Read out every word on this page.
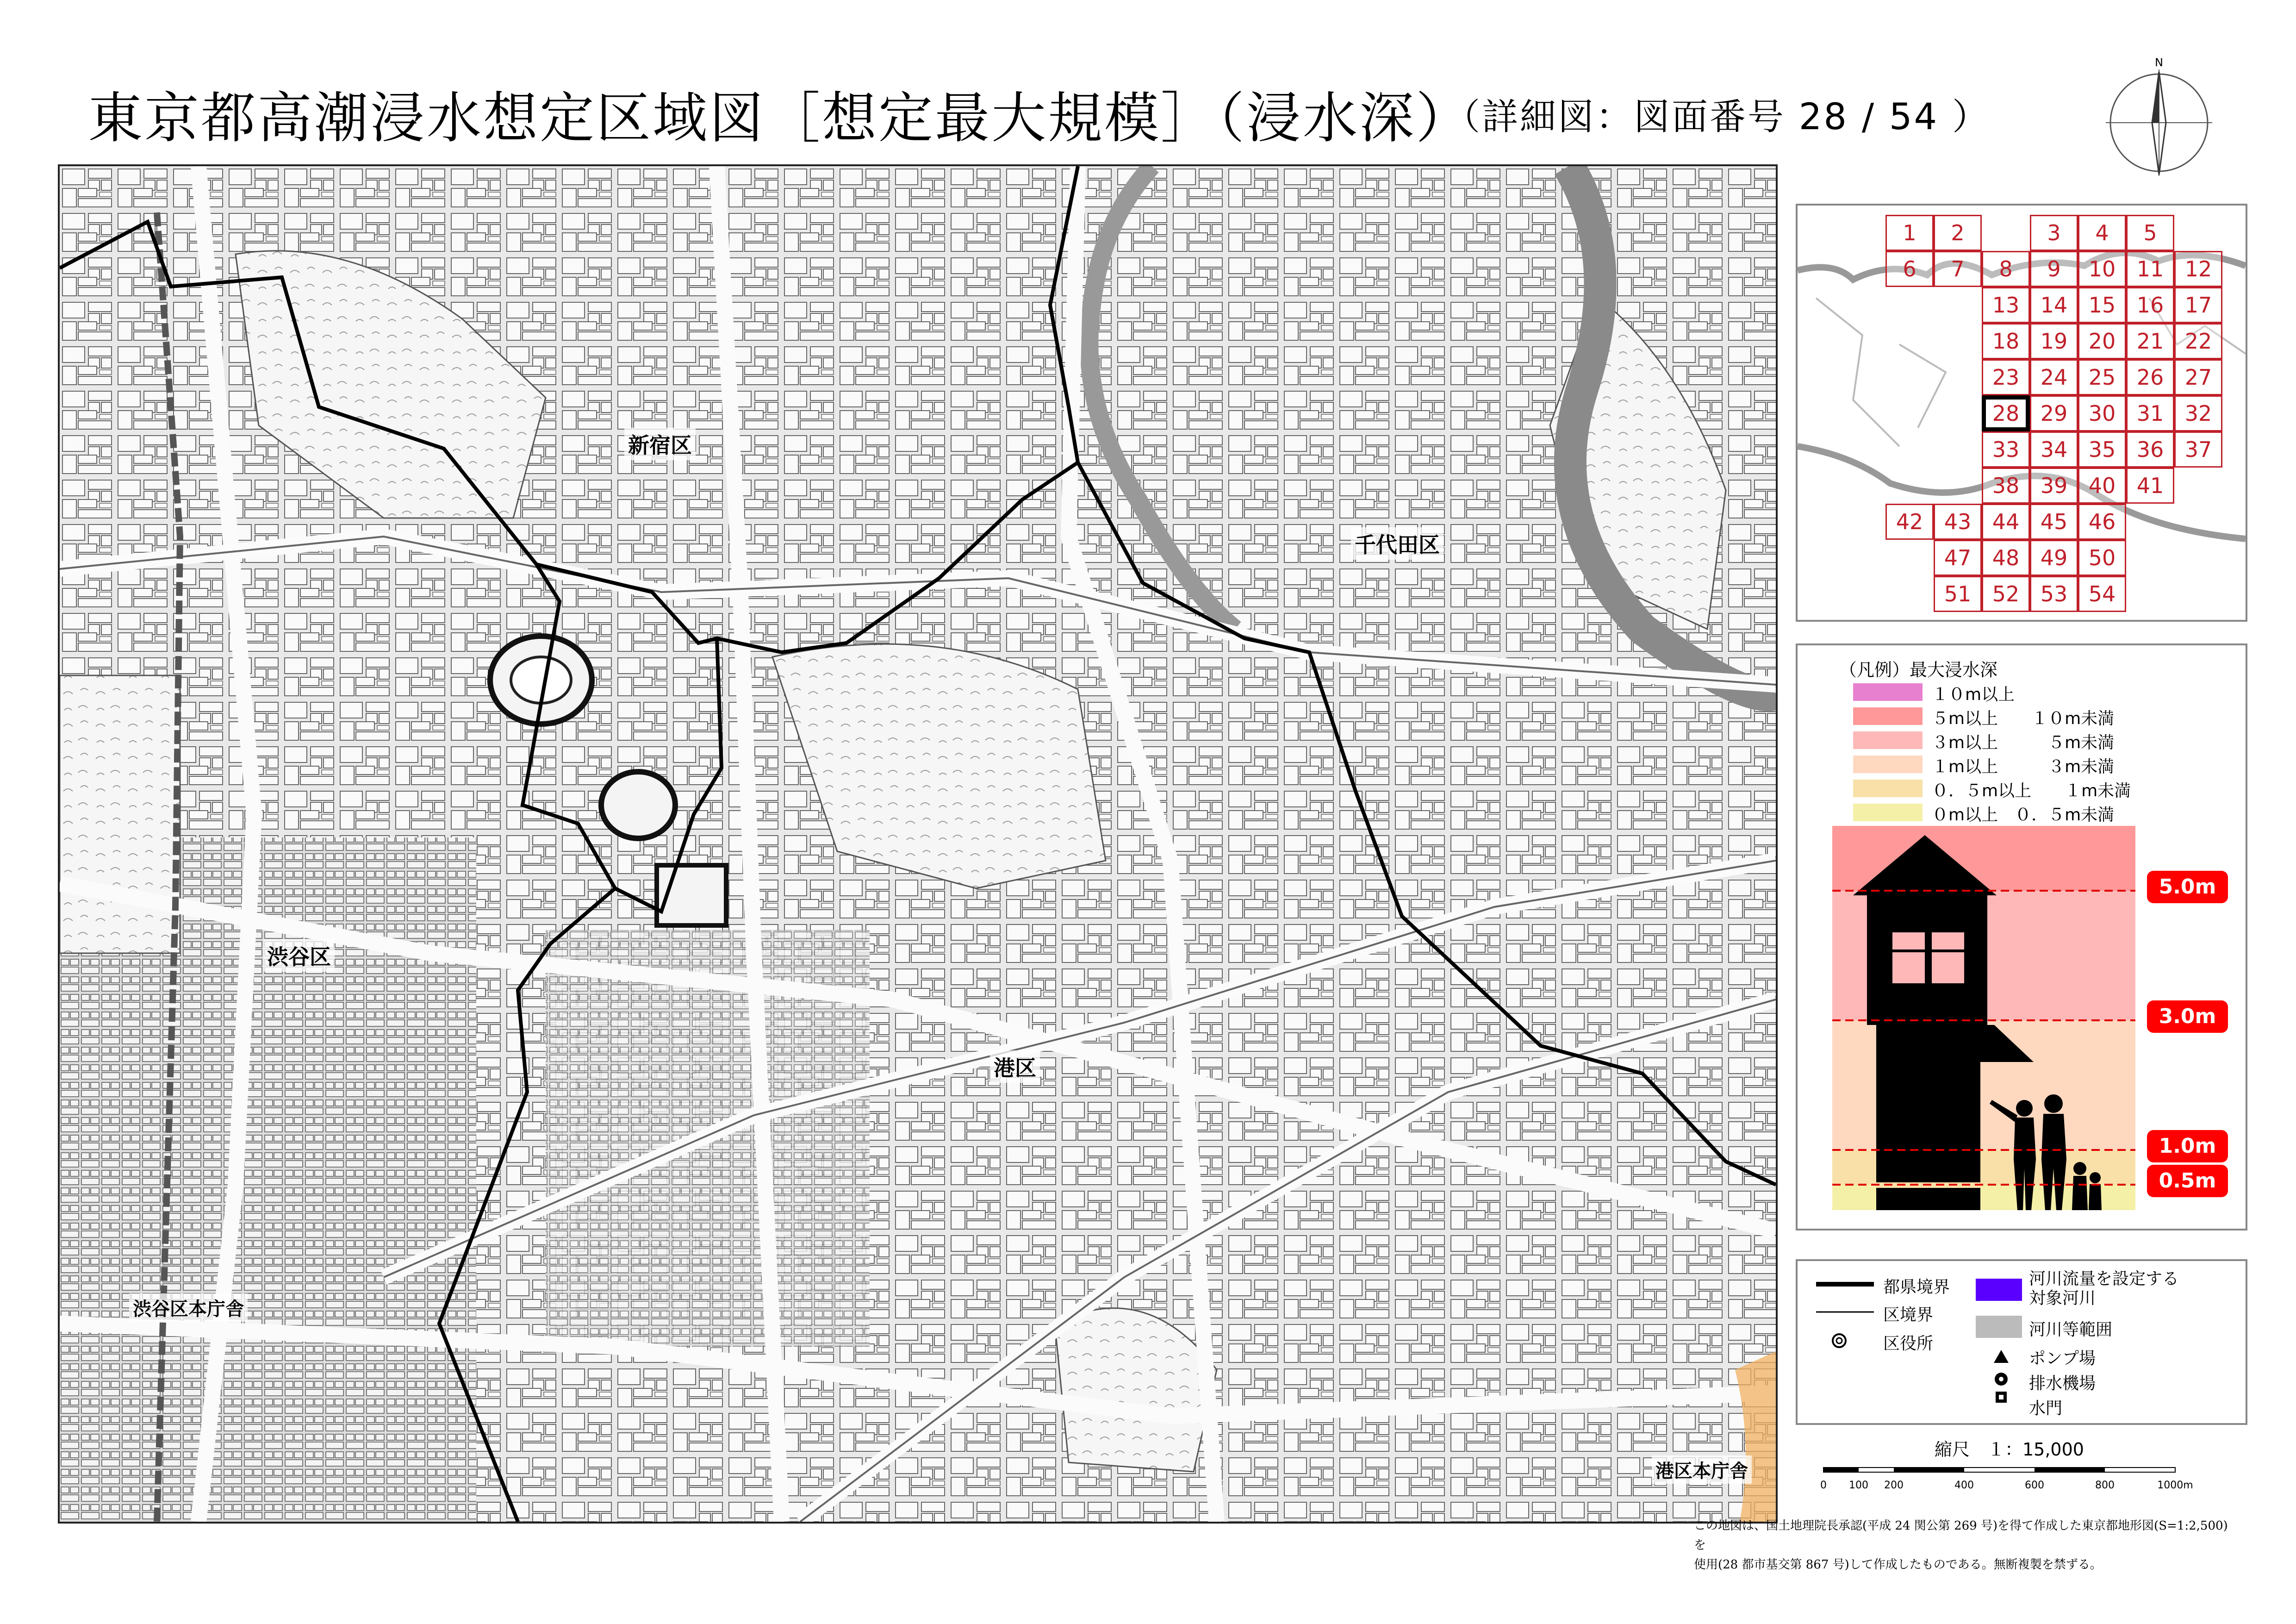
東京都高潮浸水想定区域図［想定最大規模］（浸水深）
（詳細図：図面番号 28 / 54 ）
N
新宿区
千代田区
渋谷区
港区
渋谷区本庁舎
港区本庁舎
1	2	3	4	5
6	7	8	9	10 11 12
13 14 15 16 17
18 19 20 21 22
23 24 25 26 27
28 29 30 31 32
33 34 35 36 37
38 39 40 41
42 43 44 45 46
47 48 49 50
51 52 53 54
（凡例）最大浸水深
１０m以上
５m以上　　１０m未満
３m以上　　　５m未満
１m以上　　　３m未満
０．５m以上　　１m未満
０m以上　０．５m未満
5.0m
3.0m
1.0m
0.5m
都県境界
区境界
区役所
河川流量を設定する
対象河川
河川等範囲
ポンプ場
排水機場
水門
縮尺　１：15,000
0 100 200	400	600	800	1000m
この地図は、国土地理院長承認(平成 24 関公第 269 号)を得て作成した東京都地形図(S=1:2,500)を
使用(28 都市基交第 867 号)して作成したものである。無断複製を禁ずる。
